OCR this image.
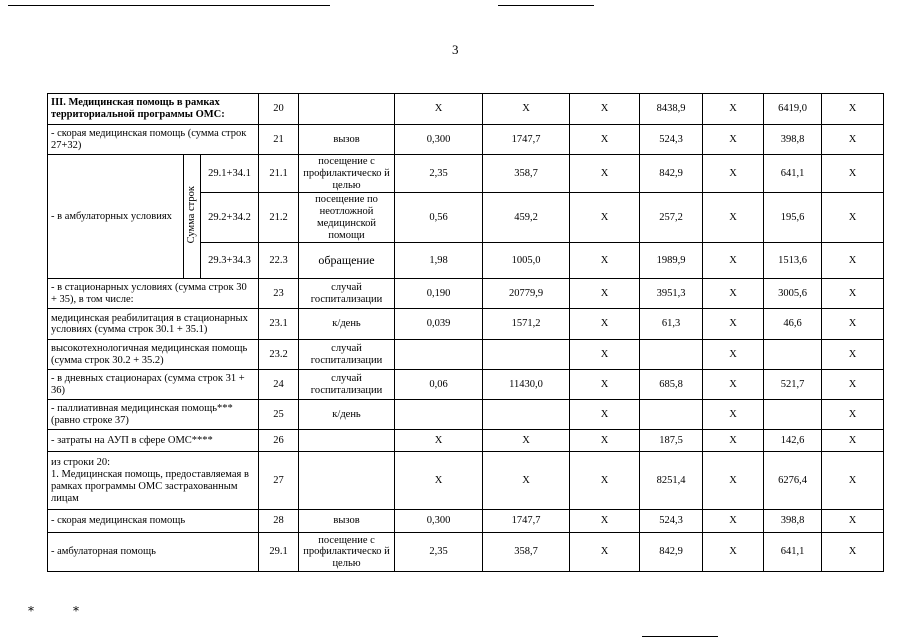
3
III. Медицинская помощь в рамках территориальной программы ОМС:			20		Х	Х	Х	8438,9	Х	6419,0	Х
- скорая медицинская помощь (сумма строк 27+32)			21	вызов	0,300	1747,7	Х	524,3	Х	398,8	Х
- в амбулаторных условиях	Сумма строк	29.1+34.1	21.1	посещение с профилактическо й целью	2,35	358,7	Х	842,9	Х	641,1	Х
		29.2+34.2	21.2	посещение по неотложной медицинской помощи	0,56	459,2	Х	257,2	Х	195,6	Х
		29.3+34.3	22.3	обращение	1,98	1005,0	Х	1989,9	Х	1513,6	Х
- в стационарных условиях (сумма строк 30 + 35), в том числе:			23	случай госпитализации	0,190	20779,9	Х	3951,3	Х	3005,6	Х
медицинская реабилитация в стационарных условиях (сумма строк 30.1 + 35.1)			23.1	к/день	0,039	1571,2	Х	61,3	Х	46,6	Х
высокотехнологичная медицинская помощь (сумма строк 30.2 + 35.2)			23.2	случай госпитализации			Х		Х		Х
- в дневных стационарах (сумма строк 31 + 36)			24	случай госпитализации	0,06	11430,0	Х	685,8	Х	521,7	Х
- паллиативная медицинская помощь***(равно строке 37)			25	к/день			Х		Х		Х
- затраты на АУП в сфере ОМС****			26		Х	Х	Х	187,5	Х	142,6	Х

из строки 20:
1. Медицинская помощь, предоставляемая в рамках программы ОМС застрахованным лицам			27		Х	Х	Х	8251,4	Х	6276,4	Х
- скорая медицинская помощь			28	вызов	0,300	1747,7	Х	524,3	Х	398,8	Х
- амбулаторная помощь			29.1	посещение с профилактическо й целью	2,35	358,7	Х	842,9	Х	641,1	Х
⁎ ⁎
